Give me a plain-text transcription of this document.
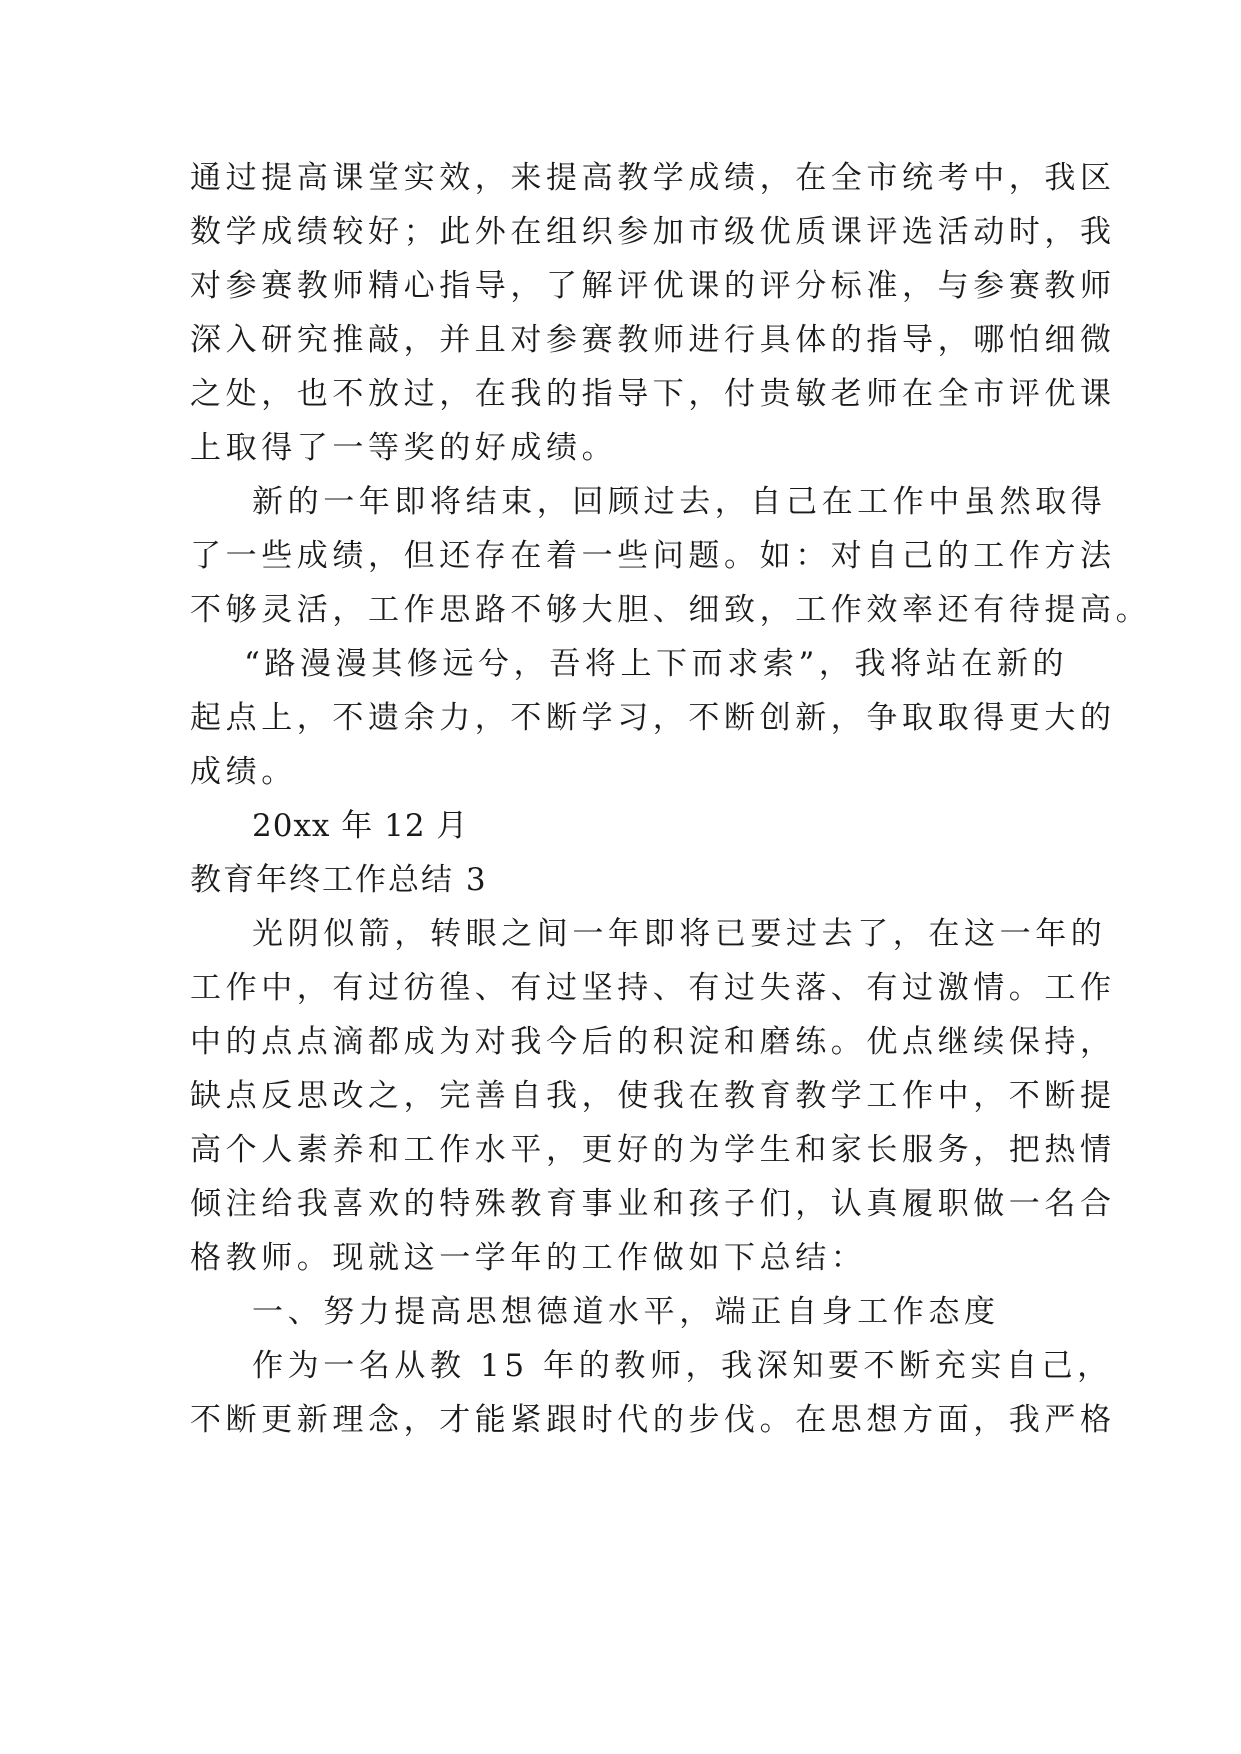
通过提高课堂实效，来提高教学成绩，在全市统考中，我区
数学成绩较好；此外在组织参加市级优质课评选活动时，我
对参赛教师精心指导，了解评优课的评分标准，与参赛教师
深入研究推敲，并且对参赛教师进行具体的指导，哪怕细微
之处，也不放过，在我的指导下，付贵敏老师在全市评优课
上取得了一等奖的好成绩。
新的一年即将结束，回顾过去，自己在工作中虽然取得
了一些成绩，但还存在着一些问题。如：对自己的工作方法
不够灵活，工作思路不够大胆、细致，工作效率还有待提高。
“路漫漫其修远兮，吾将上下而求索”，我将站在新的
起点上，不遗余力，不断学习，不断创新，争取取得更大的
成绩。
20xx 年 12 月
教育年终工作总结 3
光阴似箭，转眼之间一年即将已要过去了，在这一年的
工作中，有过彷徨、有过坚持、有过失落、有过激情。工作
中的点点滴都成为对我今后的积淀和磨练。优点继续保持，
缺点反思改之，完善自我，使我在教育教学工作中，不断提
高个人素养和工作水平，更好的为学生和家长服务，把热情
倾注给我喜欢的特殊教育事业和孩子们，认真履职做一名合
格教师。现就这一学年的工作做如下总结：
一、努力提高思想德道水平，端正自身工作态度
作为一名从教 15 年的教师，我深知要不断充实自己，
不断更新理念，才能紧跟时代的步伐。在思想方面，我严格
